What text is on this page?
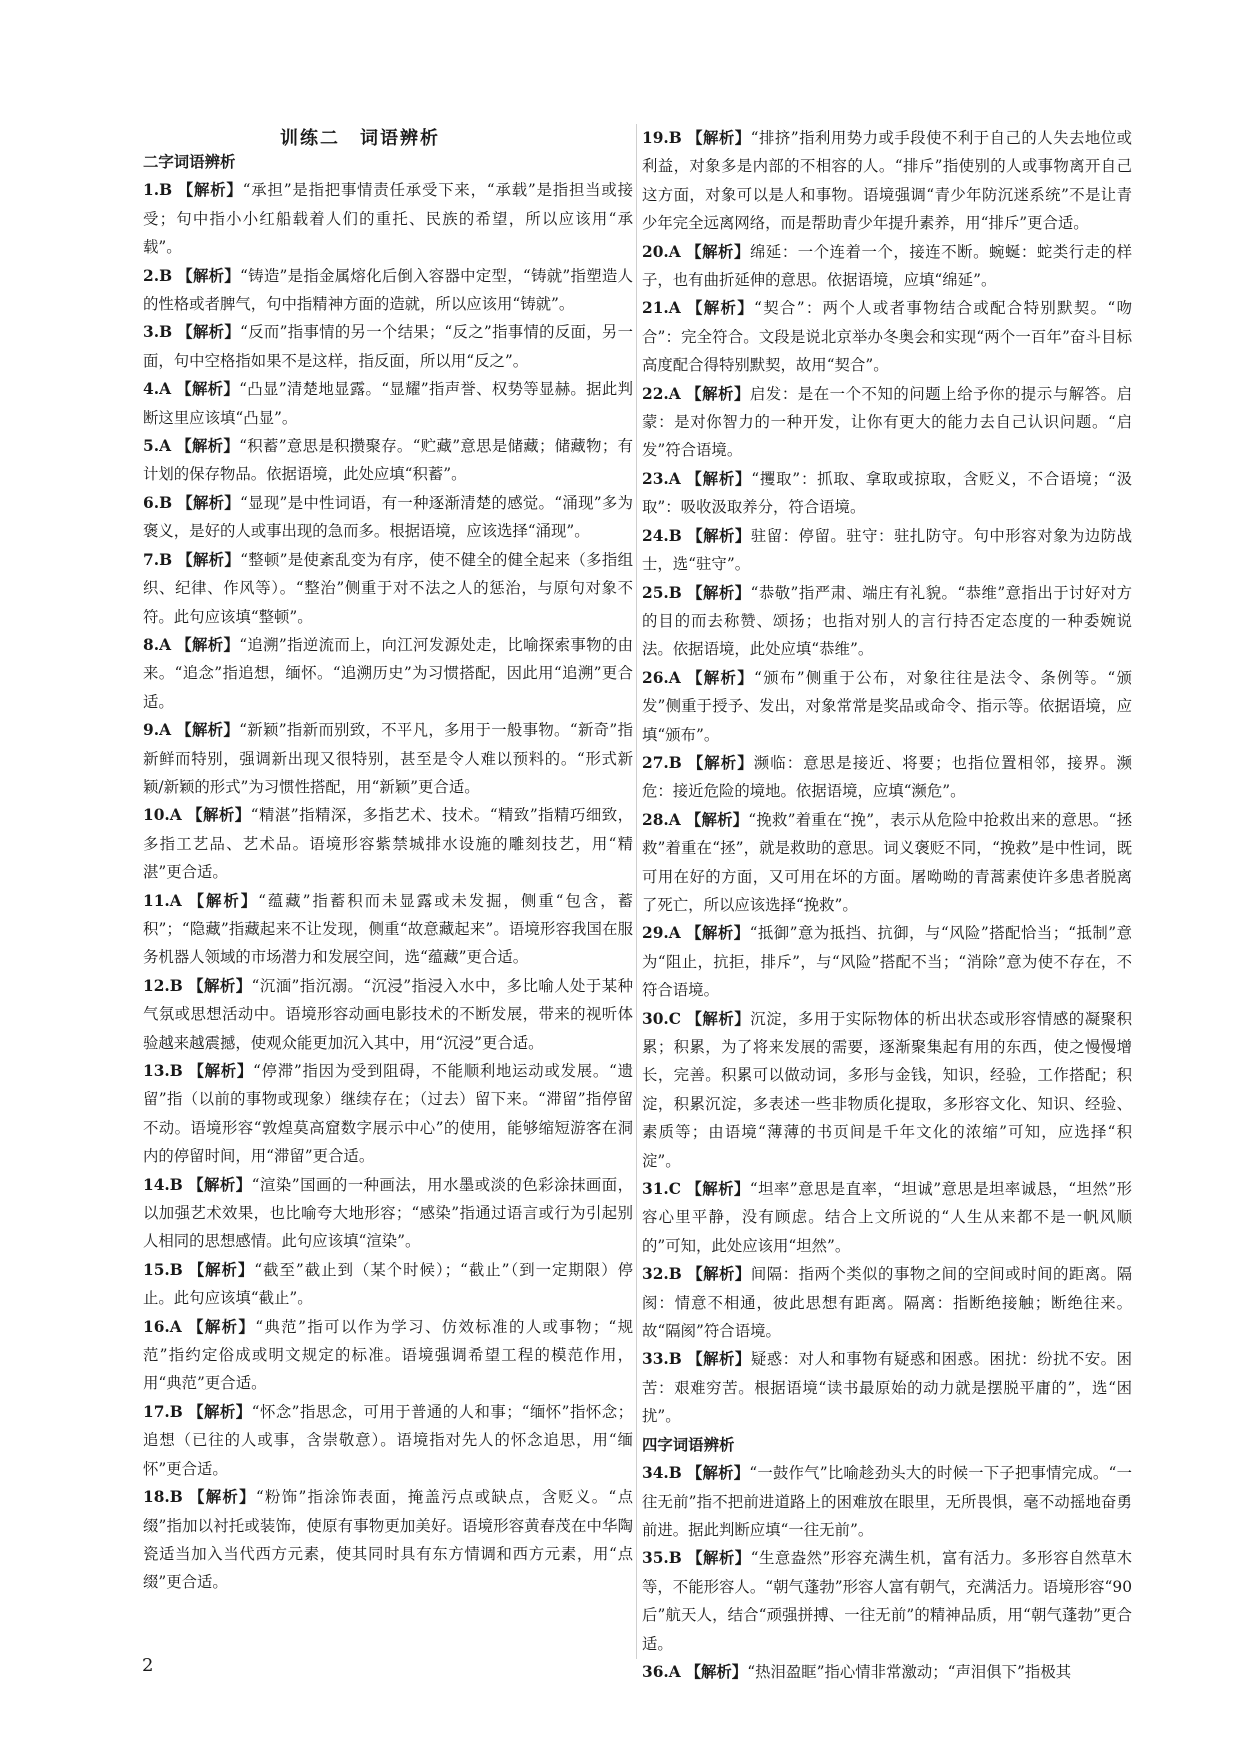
训练二　词语辨析
二字词语辨析

1.B 【解析】“承担”是指把事情责任承受下来，“承载”是指担当或接受；句中指小小红船载着人们的重托、民族的希望，所以应该用“承载”。

2.B 【解析】“铸造”是指金属熔化后倒入容器中定型，“铸就”指塑造人的性格或者脾气，句中指精神方面的造就，所以应该用“铸就”。

3.B 【解析】“反而”指事情的另一个结果；“反之”指事情的反面，另一面，句中空格指如果不是这样，指反面，所以用“反之”。

4.A 【解析】“凸显”清楚地显露。“显耀”指声誉、权势等显赫。据此判断这里应该填“凸显”。

5.A 【解析】“积蓄”意思是积攒聚存。“贮藏”意思是储藏；储藏物；有计划的保存物品。依据语境，此处应填“积蓄”。

6.B 【解析】“显现”是中性词语，有一种逐渐清楚的感觉。“涌现”多为褒义，是好的人或事出现的急而多。根据语境，应该选择“涌现”。

7.B 【解析】“整顿”是使紊乱变为有序，使不健全的健全起来（多指组织、纪律、作风等）。“整治”侧重于对不法之人的惩治，与原句对象不符。此句应该填“整顿”。

8.A 【解析】“追溯”指逆流而上，向江河发源处走，比喻探索事物的由来。“追念”指追想，缅怀。“追溯历史”为习惯搭配，因此用“追溯”更合适。

9.A 【解析】“新颖”指新而别致，不平凡，多用于一般事物。“新奇”指新鲜而特别，强调新出现又很特别，甚至是令人难以预料的。“形式新颖/新颖的形式”为习惯性搭配，用“新颖”更合适。

10.A 【解析】“精湛”指精深，多指艺术、技术。“精致”指精巧细致，多指工艺品、艺术品。语境形容紫禁城排水设施的雕刻技艺，用“精湛”更合适。

11.A 【解析】“蕴藏”指蓄积而未显露或未发掘，侧重“包含，蓄积”；“隐藏”指藏起来不让发现，侧重“故意藏起来”。语境形容我国在服务机器人领域的市场潜力和发展空间，选“蕴藏”更合适。

12.B 【解析】“沉湎”指沉溺。“沉浸”指浸入水中，多比喻人处于某种气氛或思想活动中。语境形容动画电影技术的不断发展，带来的视听体验越来越震撼，使观众能更加沉入其中，用“沉浸”更合适。

13.B 【解析】“停滞”指因为受到阻碍，不能顺利地运动或发展。“遗留”指（以前的事物或现象）继续存在；（过去）留下来。“滞留”指停留不动。语境形容“敦煌莫高窟数字展示中心”的使用，能够缩短游客在洞内的停留时间，用“滞留”更合适。

14.B 【解析】“渲染”国画的一种画法，用水墨或淡的色彩涂抹画面，以加强艺术效果，也比喻夸大地形容；“感染”指通过语言或行为引起别人相同的思想感情。此句应该填“渲染”。

15.B 【解析】“截至”截止到（某个时候）；“截止”（到一定期限）停止。此句应该填“截止”。

16.A 【解析】“典范”指可以作为学习、仿效标准的人或事物；“规范”指约定俗成或明文规定的标准。语境强调希望工程的模范作用，用“典范”更合适。

17.B 【解析】“怀念”指思念，可用于普通的人和事；“缅怀”指怀念；追想（已往的人或事，含崇敬意）。语境指对先人的怀念追思，用“缅怀”更合适。

18.B 【解析】“粉饰”指涂饰表面，掩盖污点或缺点，含贬义。“点缀”指加以衬托或装饰，使原有事物更加美好。语境形容黄春茂在中华陶瓷适当加入当代西方元素，使其同时具有东方情调和西方元素，用“点缀”更合适。

19.B 【解析】“排挤”指利用势力或手段使不利于自己的人失去地位或利益，对象多是内部的不相容的人。“排斥”指使别的人或事物离开自己这方面，对象可以是人和事物。语境强调“青少年防沉迷系统”不是让青少年完全远离网络，而是帮助青少年提升素养，用“排斥”更合适。

20.A 【解析】绵延：一个连着一个，接连不断。蜿蜒：蛇类行走的样子，也有曲折延伸的意思。依据语境，应填“绵延”。

21.A 【解析】“契合”：两个人或者事物结合或配合特别默契。“吻合”：完全符合。文段是说北京举办冬奥会和实现“两个一百年”奋斗目标高度配合得特别默契，故用“契合”。

22.A 【解析】启发：是在一个不知的问题上给予你的提示与解答。启蒙：是对你智力的一种开发，让你有更大的能力去自己认识问题。“启发”符合语境。

23.A 【解析】“攫取”：抓取、拿取或掠取，含贬义，不合语境；“汲取”：吸收汲取养分，符合语境。

24.B 【解析】驻留：停留。驻守：驻扎防守。句中形容对象为边防战士，选“驻守”。

25.B 【解析】“恭敬”指严肃、端庄有礼貌。“恭维”意指出于讨好对方的目的而去称赞、颂扬；也指对别人的言行持否定态度的一种委婉说法。依据语境，此处应填“恭维”。

26.A 【解析】“颁布”侧重于公布，对象往往是法令、条例等。“颁发”侧重于授予、发出，对象常常是奖品或命令、指示等。依据语境，应填“颁布”。

27.B 【解析】濒临：意思是接近、将要；也指位置相邻，接界。濒危：接近危险的境地。依据语境，应填“濒危”。

28.A 【解析】“挽救”着重在“挽”，表示从危险中抢救出来的意思。“拯救”着重在“拯”，就是救助的意思。词义褒贬不同，“挽救”是中性词，既可用在好的方面，又可用在坏的方面。屠呦呦的青蒿素使许多患者脱离了死亡，所以应该选择“挽救”。

29.A 【解析】“抵御”意为抵挡、抗御，与“风险”搭配恰当；“抵制”意为“阻止，抗拒，排斥”，与“风险”搭配不当；“消除”意为使不存在，不符合语境。

30.C 【解析】沉淀，多用于实际物体的析出状态或形容情感的凝聚积累；积累，为了将来发展的需要，逐渐聚集起有用的东西，使之慢慢增长，完善。积累可以做动词，多形与金钱，知识，经验，工作搭配；积淀，积累沉淀，多表述一些非物质化提取，多形容文化、知识、经验、素质等；由语境“薄薄的书页间是千年文化的浓缩”可知，应选择“积淀”。

31.C 【解析】“坦率”意思是直率，“坦诚”意思是坦率诚恳，“坦然”形容心里平静，没有顾虑。结合上文所说的“人生从来都不是一帆风顺的”可知，此处应该用“坦然”。

32.B 【解析】间隔：指两个类似的事物之间的空间或时间的距离。隔阂：情意不相通，彼此思想有距离。隔离：指断绝接触；断绝往来。故“隔阂”符合语境。

33.B 【解析】疑惑：对人和事物有疑惑和困惑。困扰：纷扰不安。困苦：艰难穷苦。根据语境“读书最原始的动力就是摆脱平庸的”，选“困扰”。

四字词语辨析

34.B 【解析】“一鼓作气”比喻趁劲头大的时候一下子把事情完成。“一往无前”指不把前进道路上的困难放在眼里，无所畏惧，毫不动摇地奋勇前进。据此判断应填“一往无前”。

35.B 【解析】“生意盎然”形容充满生机，富有活力。多形容自然草木等，不能形容人。“朝气蓬勃”形容人富有朝气，充满活力。语境形容“90后”航天人，结合“顽强拼搏、一往无前”的精神品质，用“朝气蓬勃”更合适。

36.A 【解析】“热泪盈眶”指心情非常激动；“声泪俱下”指极其

2
